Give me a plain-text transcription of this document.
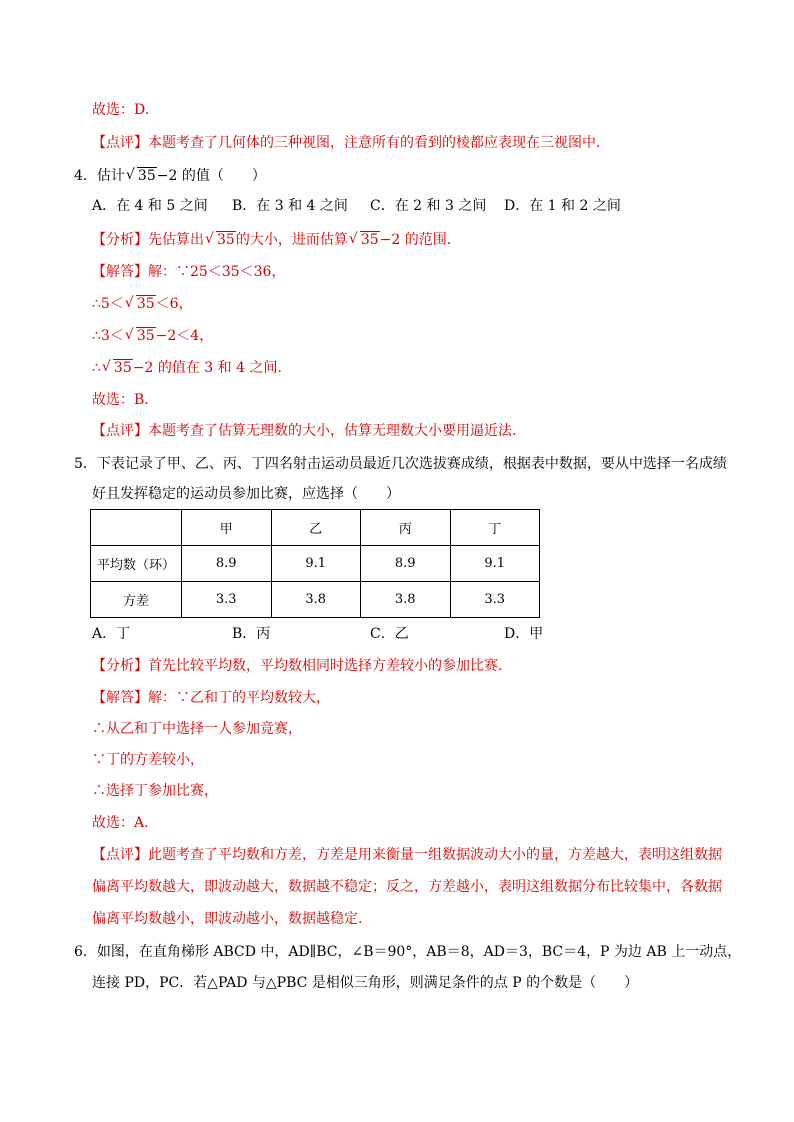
故选：D.
【点评】本题考查了几何体的三种视图，注意所有的看到的棱都应表现在三视图中.
4．估计 √ 35−2 的值（　　）
A．在 4 和 5 之间 B．在 3 和 4 之间 C．在 2 和 3 之间 D．在 1 和 2 之间
【分析】先估算出 √ 35的大小，进而估算 √ 35−2 的范围.
【解答】解：∵25＜35＜36，
∴5＜ √ 35＜6，
∴3＜ √ 35−2＜4，
∴ √ 35−2 的值在 3 和 4 之间.
故选：B.
【点评】本题考查了估算无理数的大小，估算无理数大小要用逼近法.
5．下表记录了甲、乙、丙、丁四名射击运动员最近几次选拔赛成绩，根据表中数据，要从中选择一名成绩
好且发挥稳定的运动员参加比赛，应选择（　　）
	甲	乙	丙	丁
平均数（环）	8.9	9.1	8.9	9.1
方差	3.3	3.8	3.8	3.3
A．丁	B．丙	C．乙	D．甲
【分析】首先比较平均数，平均数相同时选择方差较小的参加比赛.
【解答】解：∵乙和丁的平均数较大，
∴从乙和丁中选择一人参加竞赛，
∵丁的方差较小，
∴选择丁参加比赛，
故选：A.
【点评】此题考查了平均数和方差，方差是用来衡量一组数据波动大小的量，方差越大，表明这组数据
偏离平均数越大，即波动越大，数据越不稳定；反之，方差越小，表明这组数据分布比较集中，各数据
偏离平均数越小，即波动越小，数据越稳定.
6．如图，在直角梯形 ABCD 中，AD∥BC，∠B＝90°，AB＝8，AD＝3，BC＝4，P 为边 AB 上一动点，
连接 PD，PC．若△PAD 与△PBC 是相似三角形，则满足条件的点 P 的个数是（　　）
